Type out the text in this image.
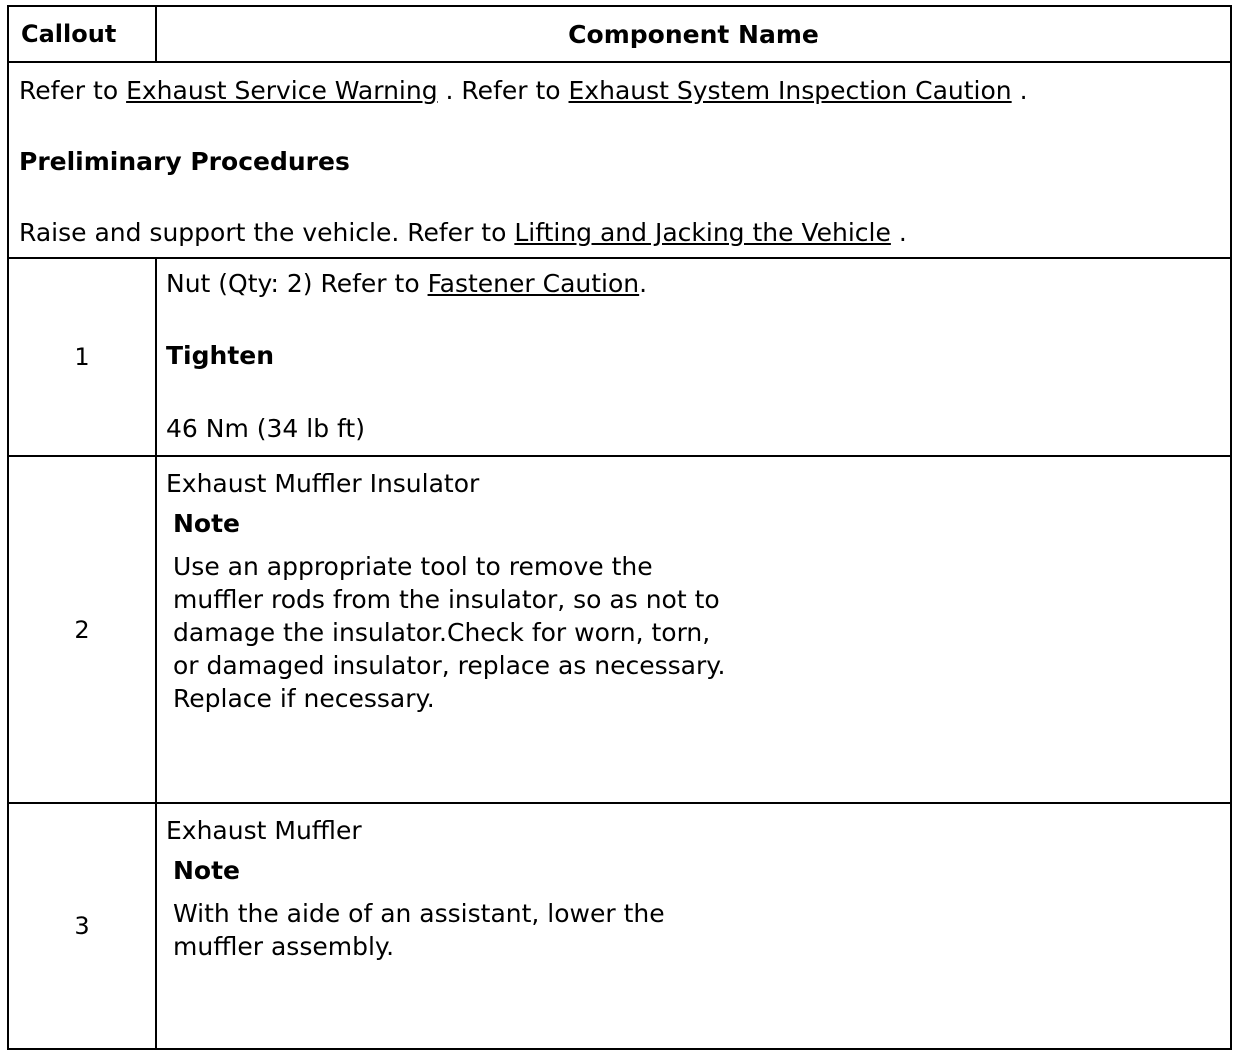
Callout	Component Name
Refer to Exhaust Service Warning . Refer to Exhaust System Inspection Caution .
Preliminary Procedures
Raise and support the vehicle. Refer to Lifting and Jacking the Vehicle .
1
Nut (Qty: 2) Refer to Fastener Caution.
Tighten
46 Nm (34 lb ft)
2
Exhaust Muffler Insulator
Note
Use an appropriate tool to remove the
muffler rods from the insulator, so as not to
damage the insulator.Check for worn, torn,
or damaged insulator, replace as necessary.
Replace if necessary.
3
Exhaust Muffler
Note
With the aide of an assistant, lower the
muffler assembly.
